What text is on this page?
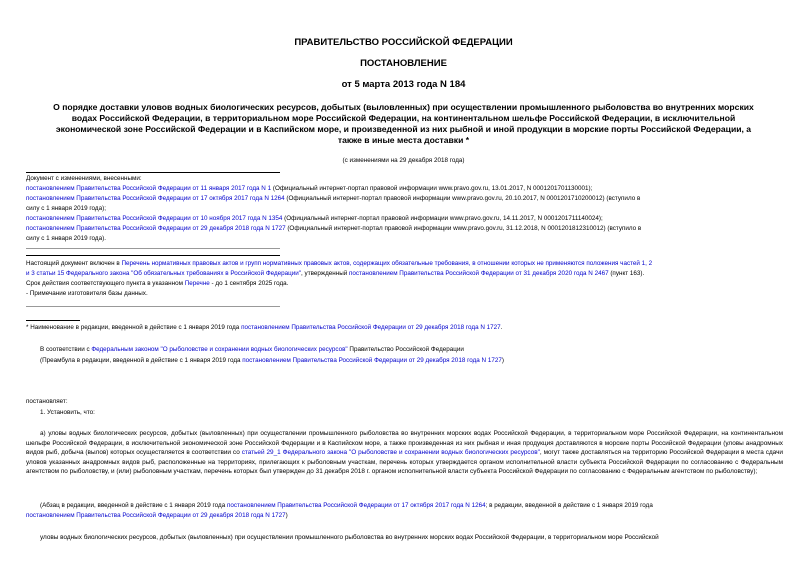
ПРАВИТЕЛЬСТВО РОССИЙСКОЙ ФЕДЕРАЦИИ
ПОСТАНОВЛЕНИЕ
от 5 марта 2013 года N 184
О порядке доставки уловов водных биологических ресурсов, добытых (выловленных) при осуществлении промышленного рыболовства во внутренних морских
водах Российской Федерации, в территориальном море Российской Федерации, на континентальном шельфе Российской Федерации, в исключительной
экономической зоне Российской Федерации и в Каспийском море, и произведенной из них рыбной и иной продукции в морские порты Российской Федерации, а
также в иные места доставки *
(с изменениями на 29 декабря 2018 года)
Документ с изменениями, внесенными:
постановлением Правительства Российской Федерации от 11 января 2017 года N 1 (Официальный интернет-портал правовой информации www.pravo.gov.ru, 13.01.2017, N 0001201701130001);
постановлением Правительства Российской Федерации от 17 октября 2017 года N 1264 (Официальный интернет-портал правовой информации www.pravo.gov.ru, 20.10.2017, N 0001201710200012) (вступило в
силу с 1 января 2019 года);
постановлением Правительства Российской Федерации от 10 ноября 2017 года N 1354 (Официальный интернет-портал правовой информации www.pravo.gov.ru, 14.11.2017, N 0001201711140024);
постановлением Правительства Российской Федерации от 29 декабря 2018 года N 1727 (Официальный интернет-портал правовой информации www.pravo.gov.ru, 31.12.2018, N 0001201812310012) (вступило в
силу с 1 января 2019 года).
Настоящий документ включен в Перечень нормативных правовых актов и групп нормативных правовых актов, содержащих обязательные требования, в отношении которых не применяются положения частей 1, 2
и 3 статьи 15 Федерального закона "Об обязательных требованиях в Российской Федерации", утвержденный постановлением Правительства Российской Федерации от 31 декабря 2020 года N 2467 (пункт 163).
Срок действия соответствующего пункта в указанном Перечне - до 1 сентября 2025 года.
- Примечание изготовителя базы данных.
* Наименование в редакции, введенной в действие с 1 января 2019 года постановлением Правительства Российской Федерации от 29 декабря 2018 года N 1727.
В соответствии с Федеральным законом "О рыболовстве и сохранении водных биологических ресурсов" Правительство Российской Федерации
(Преамбула в редакции, введенной в действие с 1 января 2019 года постановлением Правительства Российской Федерации от 29 декабря 2018 года N 1727)
постановляет:
1. Установить, что:
а) уловы водных биологических ресурсов, добытых (выловленных) при осуществлении промышленного рыболовства во внутренних морских водах Российской Федерации, в территориальном море Российской Федерации, на континентальном шельфе Российской Федерации, в исключительной экономической зоне Российской Федерации и в Каспийском море, а также произведенная из них рыбная и иная продукция доставляются в морские порты Российской Федерации (уловы анадромных видов рыб, добыча (вылов) которых осуществляется в соответствии со статьей 29_1 Федерального закона "О рыболовстве и сохранении водных биологических ресурсов", могут также доставляться на территорию Российской Федерации в места сдачи уловов указанных анадромных видов рыб, расположенные на территориях, прилегающих к рыболовным участкам, перечень которых утверждается органом исполнительной власти субъекта Российской Федерации по согласованию с Федеральным агентством по рыболовству, и (или) рыболовным участкам, перечень которых был утвержден до 31 декабря 2018 г. органом исполнительной власти субъекта Российской Федерации по согласованию с Федеральным агентством по рыболовству);
(Абзац в редакции, введенной в действие с 1 января 2019 года постановлением Правительства Российской Федерации от 17 октября 2017 года N 1264; в редакции, введенной в действие с 1 января 2019 года
постановлением Правительства Российской Федерации от 29 декабря 2018 года N 1727)
уловы водных биологических ресурсов, добытых (выловленных) при осуществлении промышленного рыболовства во внутренних морских водах Российской Федерации, в территориальном море Российской
